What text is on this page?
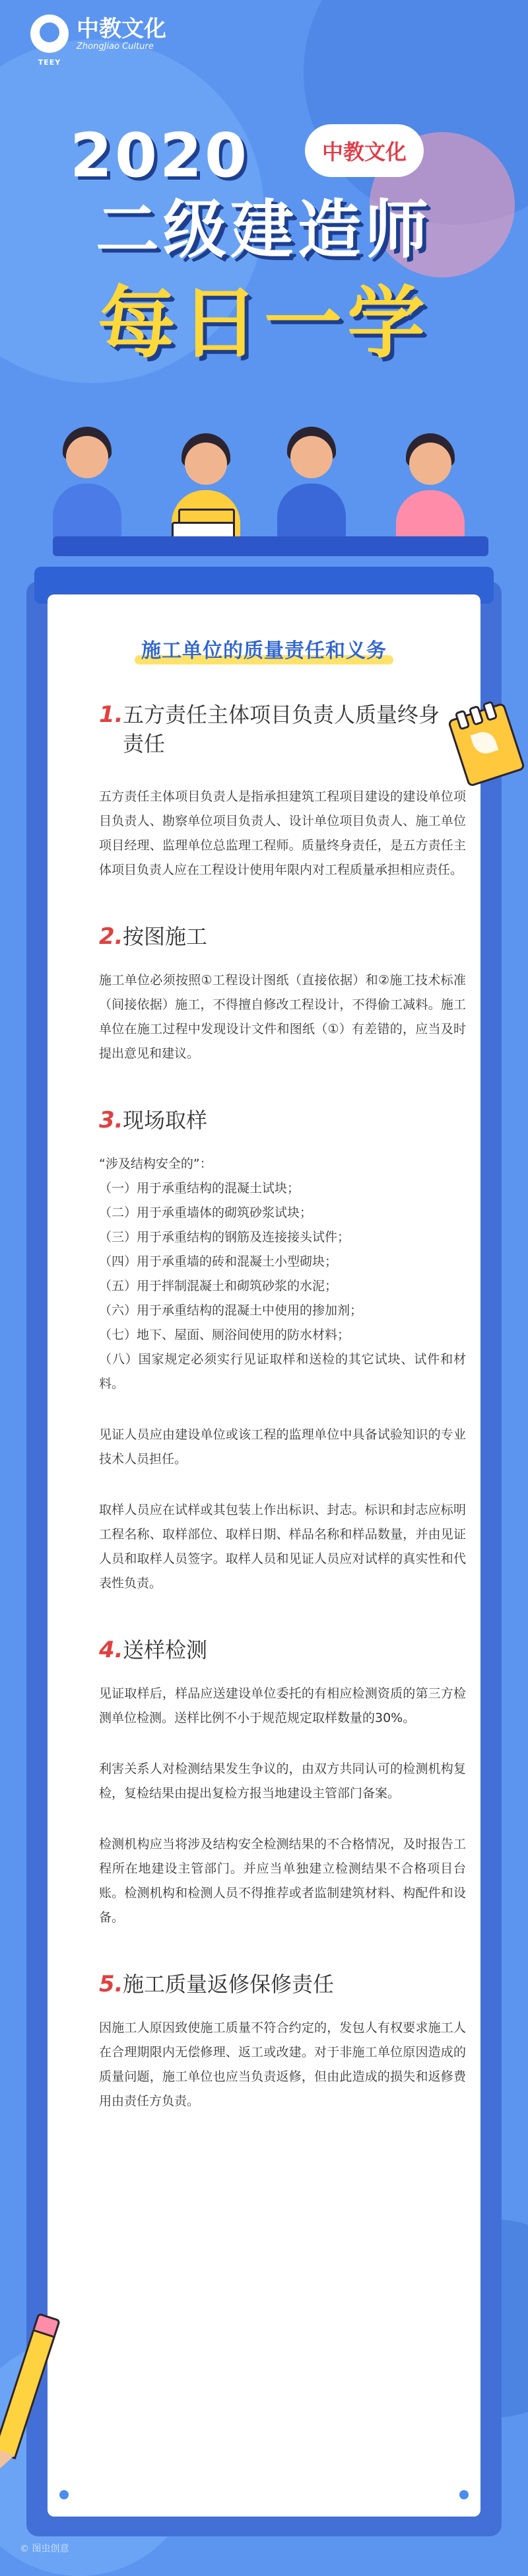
TEEY
中教文化
ZhongJiao Culture
2020	中教文化
二级建造师
每日一学
施工单位的质量责任和义务
1. 五方责任主体项目负责人质量终身责任

五方责任主体项目负责人是指承担建筑工程项目建设的建设单位项目负责人、勘察单位项目负责人、设计单位项目负责人、施工单位项目经理、监理单位总监理工程师。质量终身责任，是五方责任主体项目负责人应在工程设计使用年限内对工程质量承担相应责任。

2. 按图施工

施工单位必须按照①工程设计图纸（直接依据）和②施工技术标准（间接依据）施工，不得擅自修改工程设计，不得偷工减料。施工单位在施工过程中发现设计文件和图纸（①）有差错的，应当及时提出意见和建议。

3. 现场取样

“涉及结构安全的”：

（一）用于承重结构的混凝土试块；

（二）用于承重墙体的砌筑砂浆试块；

（三）用于承重结构的钢筋及连接接头试件；

（四）用于承重墙的砖和混凝土小型砌块；

（五）用于拌制混凝土和砌筑砂浆的水泥；

（六）用于承重结构的混凝土中使用的掺加剂；

（七）地下、屋面、厕浴间使用的防水材料；

（八）国家规定必须实行见证取样和送检的其它试块、试件和材料。

见证人员应由建设单位或该工程的监理单位中具备试验知识的专业技术人员担任。

取样人员应在试样或其包装上作出标识、封志。标识和封志应标明工程名称、取样部位、取样日期、样品名称和样品数量，并由见证人员和取样人员签字。取样人员和见证人员应对试样的真实性和代表性负责。

4. 送样检测

见证取样后，样品应送建设单位委托的有相应检测资质的第三方检测单位检测。送样比例不小于规范规定取样数量的30%。

利害关系人对检测结果发生争议的，由双方共同认可的检测机构复检，复检结果由提出复检方报当地建设主管部门备案。

检测机构应当将涉及结构安全检测结果的不合格情况，及时报告工程所在地建设主管部门。并应当单独建立检测结果不合格项目台账。检测机构和检测人员不得推荐或者监制建筑材料、构配件和设备。

5. 施工质量返修保修责任

因施工人原因致使施工质量不符合约定的，发包人有权要求施工人在合理期限内无偿修理、返工或改建。对于非施工单位原因造成的质量问题，施工单位也应当负责返修，但由此造成的损失和返修费用由责任方负责。

© 图虫创意
